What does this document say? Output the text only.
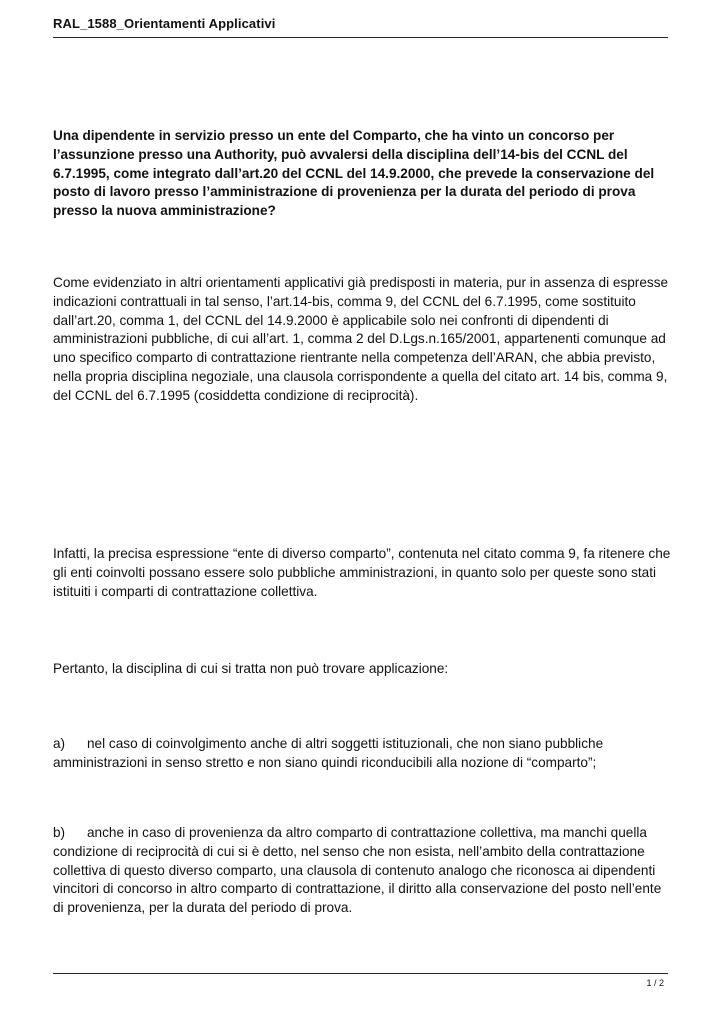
RAL_1588_Orientamenti Applicativi

Una dipendente in servizio presso un ente del Comparto, che ha vinto un concorso per l’assunzione presso una Authority, può avvalersi della disciplina dell’14-bis del CCNL del 6.7.1995, come integrato dall’art.20 del CCNL del 14.9.2000, che prevede la conservazione del posto di lavoro presso l’amministrazione di provenienza per la durata del periodo di prova presso la nuova amministrazione?

Come evidenziato in altri orientamenti applicativi già predisposti in materia, pur in assenza di espresse indicazioni contrattuali in tal senso, l’art.14-bis, comma 9, del CCNL del 6.7.1995, come sostituito dall’art.20, comma 1, del CCNL del 14.9.2000 è applicabile solo nei confronti di dipendenti di amministrazioni pubbliche, di cui all’art. 1, comma 2 del D.Lgs.n.165/2001, appartenenti comunque ad uno specifico comparto di contrattazione rientrante nella competenza dell’ARAN, che abbia previsto, nella propria disciplina negoziale, una clausola corrispondente a quella del citato art. 14 bis, comma 9, del CCNL del 6.7.1995 (cosiddetta condizione di reciprocità).

Infatti, la precisa espressione “ente di diverso comparto”, contenuta nel citato comma 9, fa ritenere che gli enti coinvolti possano essere solo pubbliche amministrazioni, in quanto solo per queste sono stati istituiti i comparti di contrattazione collettiva.

Pertanto, la disciplina di cui si tratta non può trovare applicazione:

a) nel caso di coinvolgimento anche di altri soggetti istituzionali, che non siano pubbliche amministrazioni in senso stretto e non siano quindi riconducibili alla nozione di “comparto”;

b) anche in caso di provenienza da altro comparto di contrattazione collettiva, ma manchi quella condizione di reciprocità di cui si è detto, nel senso che non esista, nell’ambito della contrattazione collettiva di questo diverso comparto, una clausola di contenuto analogo che riconosca ai dipendenti vincitori di concorso in altro comparto di contrattazione, il diritto alla conservazione del posto nell’ente di provenienza, per la durata del periodo di prova.

1 / 2
